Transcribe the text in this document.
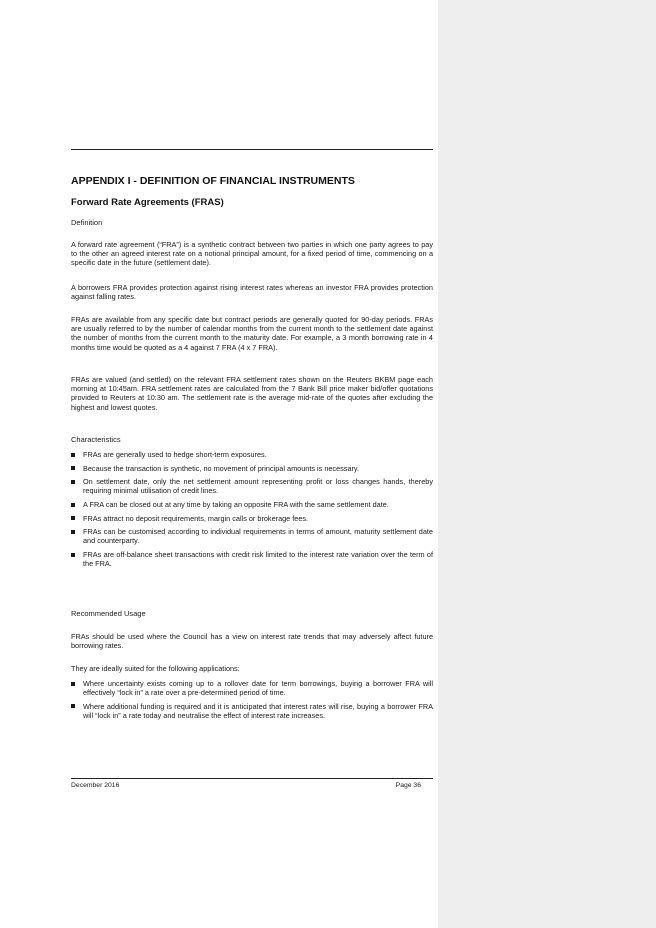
APPENDIX I - DEFINITION OF FINANCIAL INSTRUMENTS
Forward Rate Agreements (FRAS)

Definition

A forward rate agreement (“FRA”) is a synthetic contract between two parties in which one party agrees to pay to the other an agreed interest rate on a notional principal amount, for a fixed period of time, commencing on a specific date in the future (settlement date).

A borrowers FRA provides protection against rising interest rates whereas an investor FRA provides protection against falling rates.

FRAs are available from any specific date but contract periods are generally quoted for 90-day periods. FRAs are usually referred to by the number of calendar months from the current month to the settlement date against the number of months from the current month to the maturity date. For example, a 3 month borrowing rate in 4 months time would be quoted as a 4 against 7 FRA (4 x 7 FRA).

FRAs are valued (and settled) on the relevant FRA settlement rates shown on the Reuters BKBM page each morning at 10:45am. FRA settlement rates are calculated from the 7 Bank Bill price maker bid/offer quotations provided to Reuters at 10:30 am. The settlement rate is the average mid-rate of the quotes after excluding the highest and lowest quotes.

Characteristics

FRAs are generally used to hedge short-term exposures.
Because the transaction is synthetic, no movement of principal amounts is necessary.
On settlement date, only the net settlement amount representing profit or loss changes hands, thereby requiring minimal utilisation of credit lines.
A FRA can be closed out at any time by taking an opposite FRA with the same settlement date.
FRAs attract no deposit requirements, margin calls or brokerage fees.
FRAs can be customised according to individual requirements in terms of amount, maturity settlement date and counterparty.
FRAs are off-balance sheet transactions with credit risk limited to the interest rate variation over the term of the FRA.

Recommended Usage

FRAs should be used where the Council has a view on interest rate trends that may adversely affect future borrowing rates.

They are ideally suited for the following applications:

Where uncertainty exists coming up to a rollover date for term borrowings, buying a borrower FRA will effectively “lock in” a rate over a pre-determined period of time.
Where additional funding is required and it is anticipated that interest rates will rise, buying a borrower FRA will “lock in” a rate today and neutralise the effect of interest rate increases.
December 2016	Page 36
